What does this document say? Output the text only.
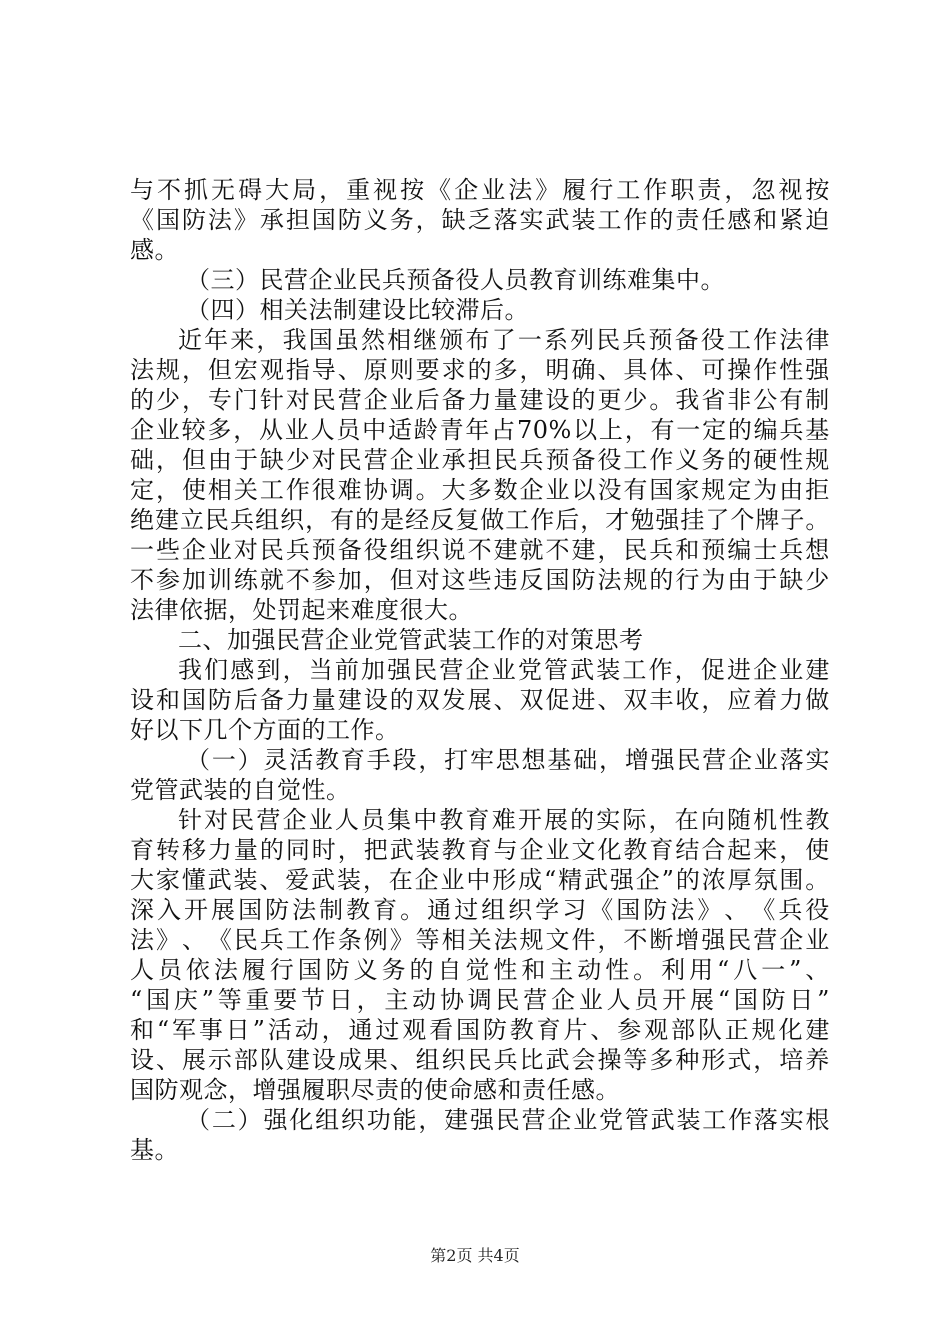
与 不 抓 无 碍 大 局 ， 重 视 按 《 企 业 法 》 履 行 工 作 职 责 ， 忽 视 按
《 国 防 法 》 承 担 国 防 义 务 ， 缺 乏 落 实 武 装 工 作 的 责 任 感 和 紧 迫
感。
（三）民营企业民兵预备役人员教育训练难集中。
（四）相关法制建设比较滞后。
近 年 来 ， 我 国 虽 然 相 继 颁 布 了 一 系 列 民 兵 预 备 役 工 作 法 律
法 规 ， 但 宏 观 指 导 、 原 则 要 求 的 多 ， 明 确 、 具 体 、 可 操 作 性 强
的 少 ， 专 门 针 对 民 营 企 业 后 备 力 量 建 设 的 更 少 。 我 省 非 公 有 制
企 业 较 多 ， 从 业 人 员 中 适 龄 青 年 占 70% 以 上 ， 有 一 定 的 编 兵 基
础 ， 但 由 于 缺 少 对 民 营 企 业 承 担 民 兵 预 备 役 工 作 义 务 的 硬 性 规
定 ， 使 相 关 工 作 很 难 协 调 。 大 多 数 企 业 以 没 有 国 家 规 定 为 由 拒
绝 建 立 民 兵 组 织 ， 有 的 是 经 反 复 做 工 作 后 ， 才 勉 强 挂 了 个 牌 子 。
一 些 企 业 对 民 兵 预 备 役 组 织 说 不 建 就 不 建 ， 民 兵 和 预 编 士 兵 想
不 参 加 训 练 就 不 参 加 ， 但 对 这 些 违 反 国 防 法 规 的 行 为 由 于 缺 少
法律依据，处罚起来难度很大。
二、加强民营企业党管武装工作的对策思考
我 们 感 到 ， 当 前 加 强 民 营 企 业 党 管 武 装 工 作 ， 促 进 企 业 建
设 和 国 防 后 备 力 量 建 设 的 双 发 展 、 双 促 进 、 双 丰 收 ， 应 着 力 做
好以下几个方面的工作。
（ 一 ） 灵 活 教 育 手 段 ， 打 牢 思 想 基 础 ， 增 强 民 营 企 业 落 实
党管武装的自觉性。
针 对 民 营 企 业 人 员 集 中 教 育 难 开 展 的 实 际 ， 在 向 随 机 性 教
育 转 移 力 量 的 同 时 ， 把 武 装 教 育 与 企 业 文 化 教 育 结 合 起 来 ， 使
大 家 懂 武 装 、 爱 武 装 ， 在 企 业 中 形 成 “ 精 武 强 企 ” 的 浓 厚 氛 围 。
深 入 开 展 国 防 法 制 教 育 。 通 过 组 织 学 习 《 国 防 法 》 、 《 兵 役
法 》 、 《 民 兵 工 作 条 例 》 等 相 关 法 规 文 件 ， 不 断 增 强 民 营 企 业
人 员 依 法 履 行 国 防 义 务 的 自 觉 性 和 主 动 性 。 利 用 “ 八 一 ” 、
“ 国 庆 ” 等 重 要 节 日 ， 主 动 协 调 民 营 企 业 人 员 开 展 “ 国 防 日 ”
和 “ 军 事 日 ” 活 动 ， 通 过 观 看 国 防 教 育 片 、 参 观 部 队 正 规 化 建
设 、 展 示 部 队 建 设 成 果 、 组 织 民 兵 比 武 会 操 等 多 种 形 式 ， 培 养
国防观念，增强履职尽责的使命感和责任感。
（ 二 ） 强 化 组 织 功 能 ， 建 强 民 营 企 业 党 管 武 装 工 作 落 实 根
基。
第2页 共4页
